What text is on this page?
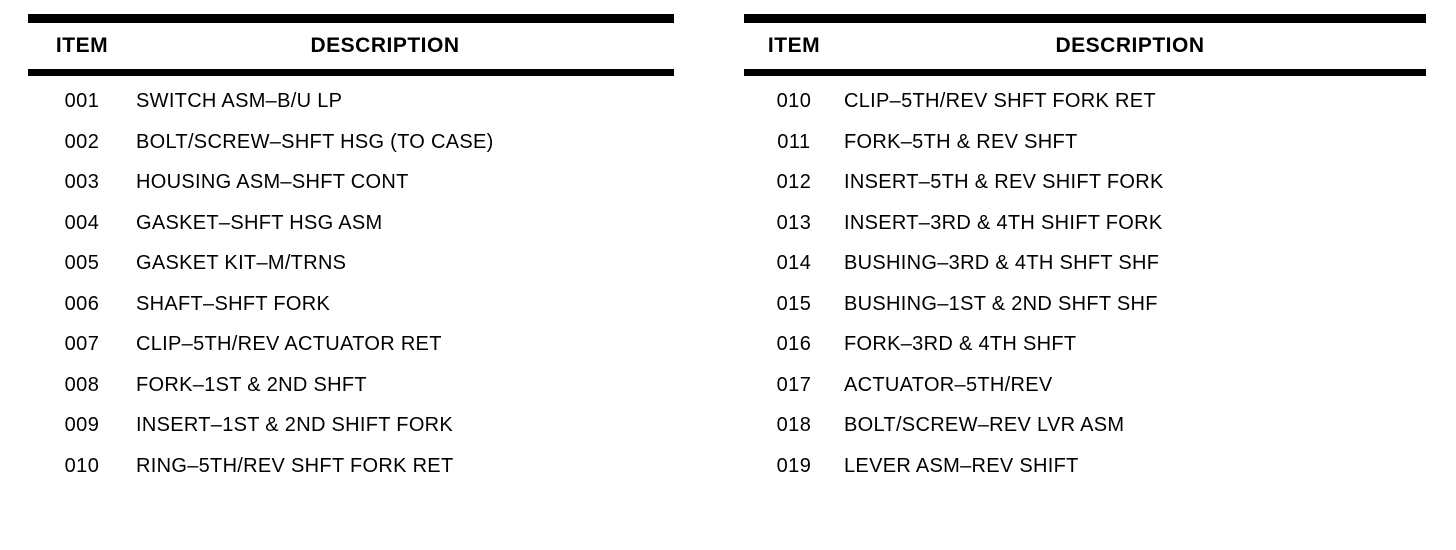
ITEM	DESCRIPTION
001	SWITCH ASM–B/U LP
002	BOLT/SCREW–SHFT HSG (TO CASE)
003	HOUSING ASM–SHFT CONT
004	GASKET–SHFT HSG ASM
005	GASKET KIT–M/TRNS
006	SHAFT–SHFT FORK
007	CLIP–5TH/REV ACTUATOR RET
008	FORK–1ST & 2ND SHFT
009	INSERT–1ST & 2ND SHIFT FORK
010	RING–5TH/REV SHFT FORK RET
ITEM	DESCRIPTION
010	CLIP–5TH/REV SHFT FORK RET
011	FORK–5TH & REV SHFT
012	INSERT–5TH & REV SHIFT FORK
013	INSERT–3RD & 4TH SHIFT FORK
014	BUSHING–3RD & 4TH SHFT SHF
015	BUSHING–1ST & 2ND SHFT SHF
016	FORK–3RD & 4TH SHFT
017	ACTUATOR–5TH/REV
018	BOLT/SCREW–REV LVR ASM
019	LEVER ASM–REV SHIFT
